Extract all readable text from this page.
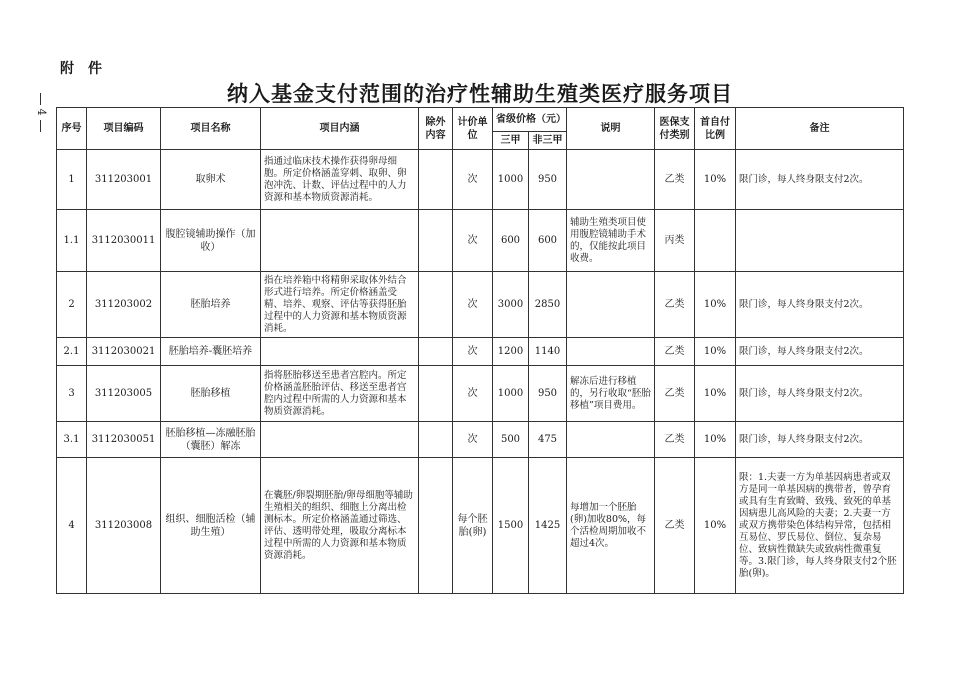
附件
4
纳入基金支付范围的治疗性辅助生殖类医疗服务项目
序号	项目编码	项目名称	项目内涵	除外内容	计价单位	省级价格（元）		说明	医保支付类别	首自付比例	备注
						三甲	非三甲				
1	311203001	取卵术	指通过临床技术操作获得卵母细胞。所定价格涵盖穿刺、取卵、卵泡冲洗、计数、评估过程中的人力资源和基本物质资源消耗。		次	1000	950		乙类	10%	限门诊，每人终身限支付2次。
1.1	3112030011	腹腔镜辅助操作（加收）			次	600	600	辅助生殖类项目使用腹腔镜辅助手术的，仅能按此项目收费。	丙类		
2	311203002	胚胎培养	指在培养箱中将精卵采取体外结合形式进行培养。所定价格涵盖受精、培养、观察、评估等获得胚胎过程中的人力资源和基本物质资源消耗。		次	3000	2850		乙类	10%	限门诊，每人终身限支付2次。
2.1	3112030021	胚胎培养-囊胚培养			次	1200	1140		乙类	10%	限门诊，每人终身限支付2次。
3	311203005	胚胎移植	指将胚胎移送至患者宫腔内。所定价格涵盖胚胎评估、移送至患者宫腔内过程中所需的人力资源和基本物质资源消耗。		次	1000	950	解冻后进行移植的，另行收取“胚胎移植”项目费用。	乙类	10%	限门诊，每人终身限支付2次。
3.1	3112030051	胚胎移植—冻融胚胎（囊胚）解冻			次	500	475		乙类	10%	限门诊，每人终身限支付2次。
4	311203008	组织、细胞活检（辅助生殖）	在囊胚/卵裂期胚胎/卵母细胞等辅助生殖相关的组织、细胞上分离出检测标本。所定价格涵盖通过筛选、评估、透明带处理，吸取分离标本过程中所需的人力资源和基本物质资源消耗。		每个胚胎(卵)	1500	1425	每增加一个胚胎(卵)加收80%，每个活检周期加收不超过4次。	乙类	10%	限：1.夫妻一方为单基因病患者或双方是同一单基因病的携带者，曾孕育或具有生育致畸、致残、致死的单基因病患儿高风险的夫妻；2.夫妻一方或双方携带染色体结构异常，包括相互易位、罗氏易位、倒位、复杂易位、致病性微缺失或致病性微重复等。3.限门诊，每人终身限支付2个胚胎(卵)。
